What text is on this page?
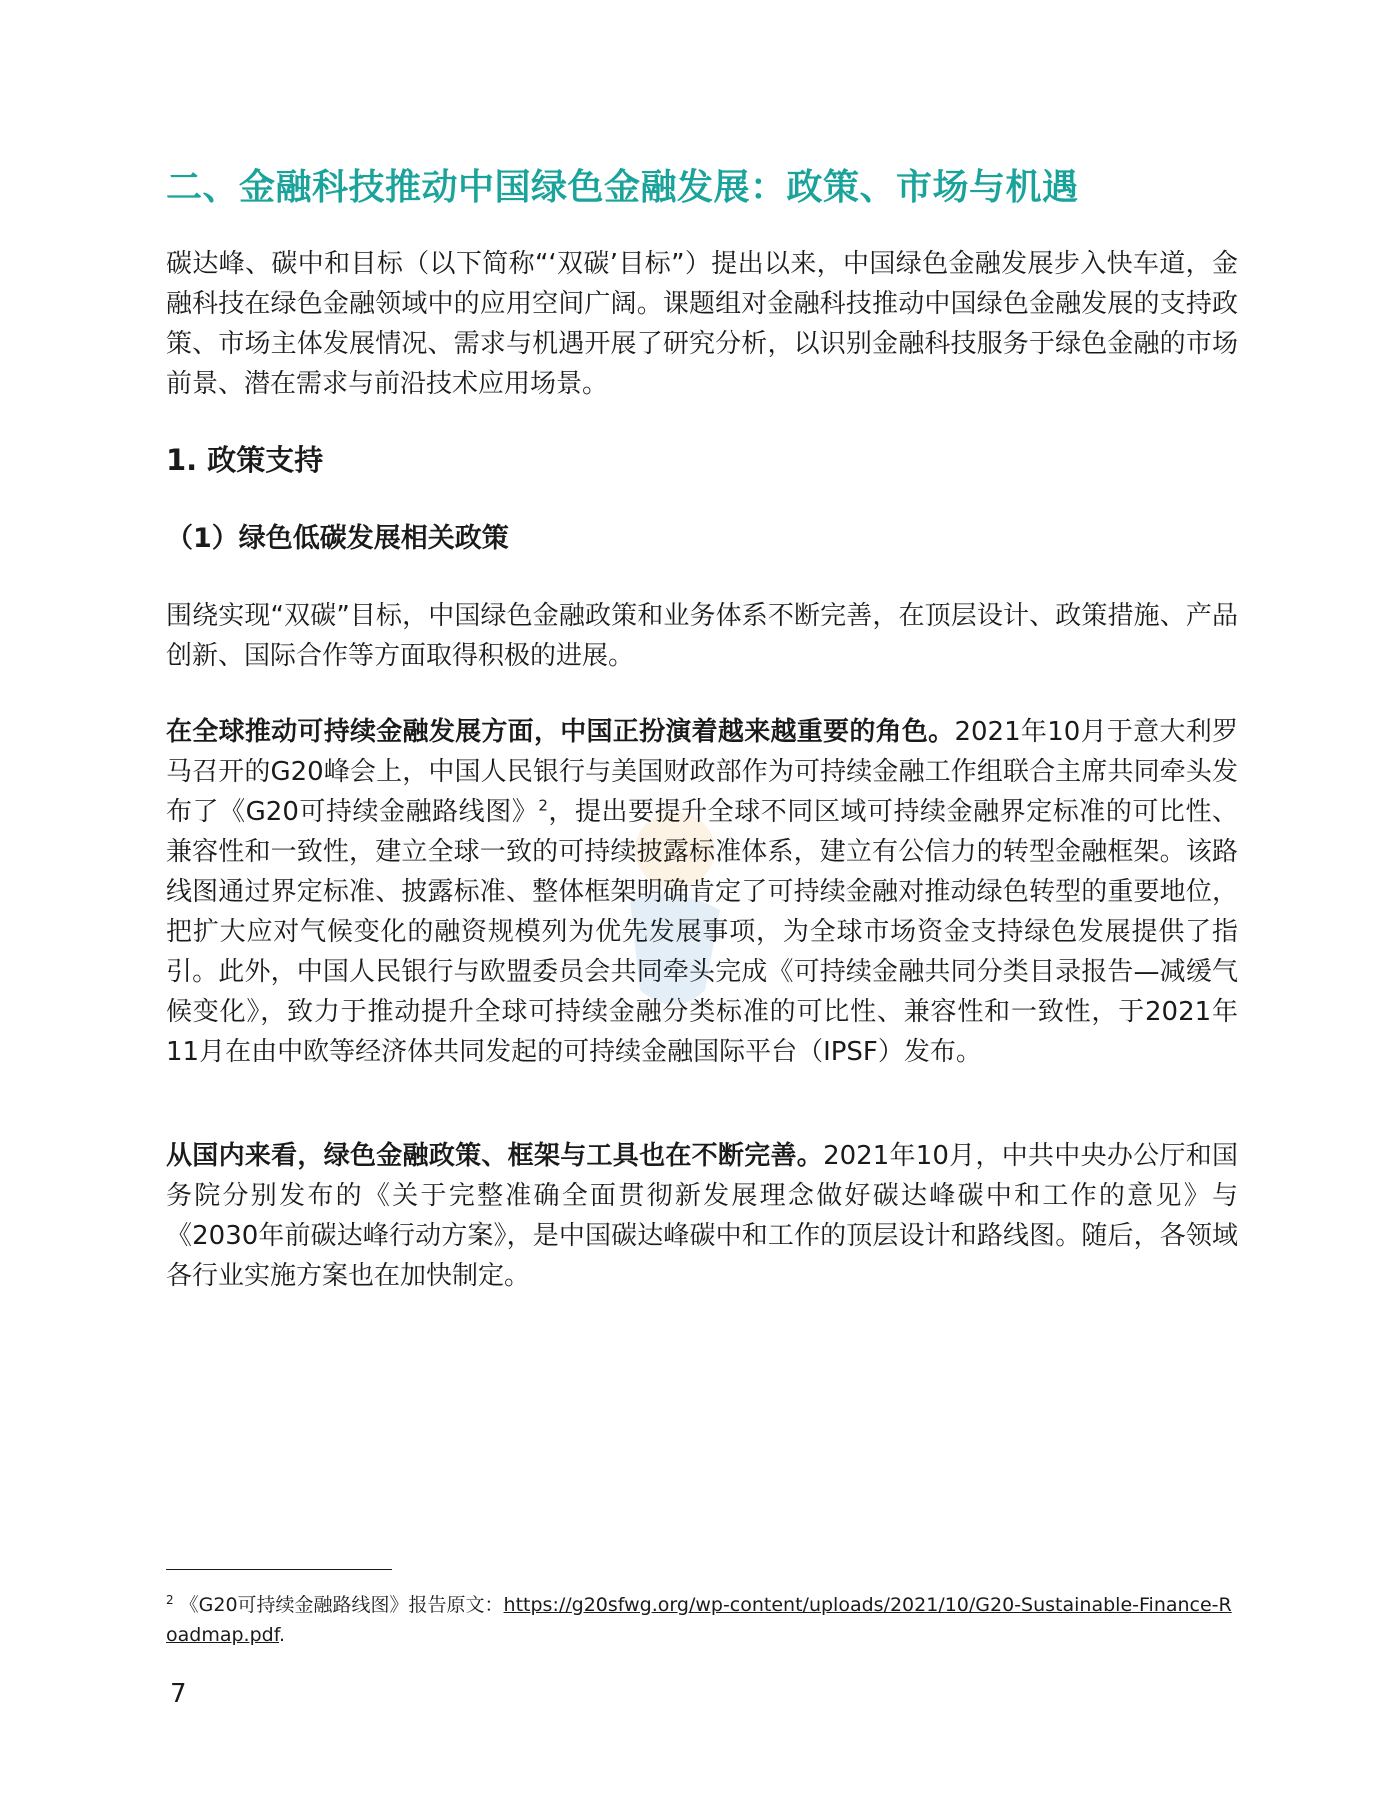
二、金融科技推动中国绿色金融发展：政策、市场与机遇

碳达峰、碳中和目标（以下简称“‘双碳’目标”）提出以来，中国绿色金融发展步入快车道，金融科技在绿色金融领域中的应用空间广阔。课题组对金融科技推动中国绿色金融发展的支持政策、市场主体发展情况、需求与机遇开展了研究分析，以识别金融科技服务于绿色金融的市场前景、潜在需求与前沿技术应用场景。

1. 政策支持
（1）绿色低碳发展相关政策

围绕实现“双碳”目标，中国绿色金融政策和业务体系不断完善，在顶层设计、政策措施、产品创新、国际合作等方面取得积极的进展。

在全球推动可持续金融发展方面，中国正扮演着越来越重要的角色。2021年10月于意大利罗马召开的G20峰会上，中国人民银行与美国财政部作为可持续金融工作组联合主席共同牵头发布了《G20可持续金融路线图》$^2$，提出要提升全球不同区域可持续金融界定标准的可比性、兼容性和一致性，建立全球一致的可持续披露标准体系，建立有公信力的转型金融框架。该路线图通过界定标准、披露标准、整体框架明确肯定了可持续金融对推动绿色转型的重要地位，把扩大应对气候变化的融资规模列为优先发展事项，为全球市场资金支持绿色发展提供了指引。此外，中国人民银行与欧盟委员会共同牵头完成《可持续金融共同分类目录报告—减缓气候变化》，致力于推动提升全球可持续金融分类标准的可比性、兼容性和一致性，于2021年11月在由中欧等经济体共同发起的可持续金融国际平台（IPSF）发布。

从国内来看，绿色金融政策、框架与工具也在不断完善。2021年10月，中共中央办公厅和国务院分别发布的《关于完整准确全面贯彻新发展理念做好碳达峰碳中和工作的意见》与《2030年前碳达峰行动方案》，是中国碳达峰碳中和工作的顶层设计和路线图。随后，各领域各行业实施方案也在加快制定。

$^2$ 《G20可持续金融路线图》报告原文：https://g20sfwg.org/wp-content/uploads/2021/10/G20-Sustainable-Finance-Roadmap.pdf.
7
